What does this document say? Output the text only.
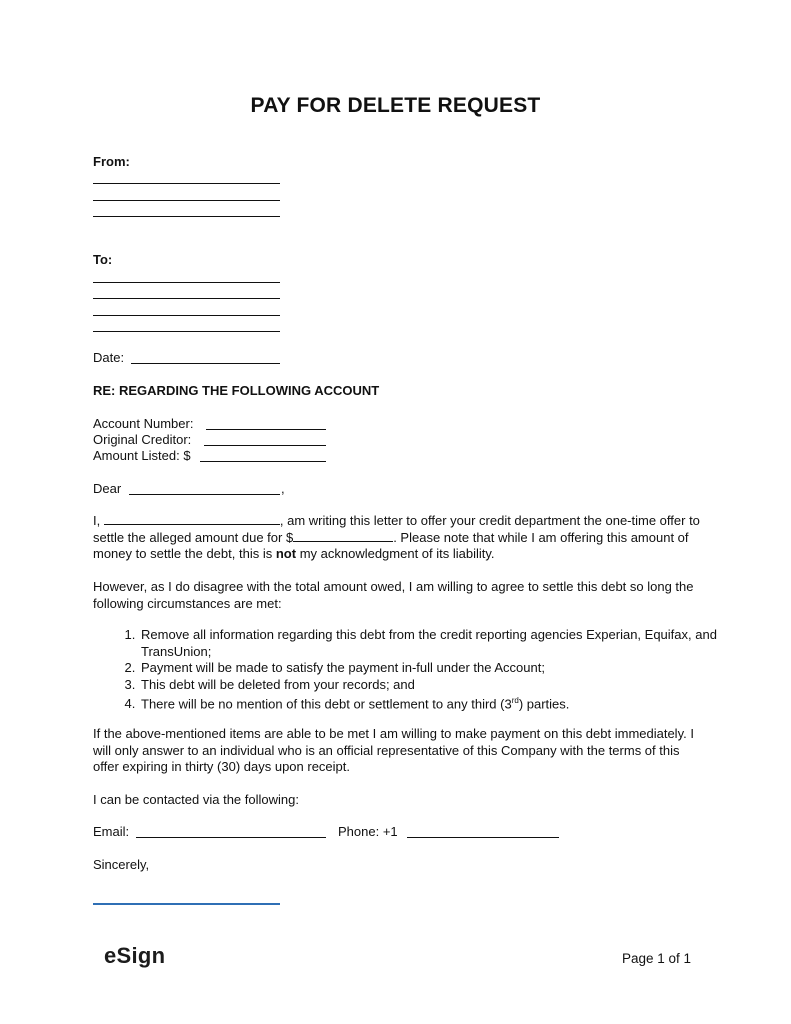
PAY FOR DELETE REQUEST
From:
To:
Date:
RE: REGARDING THE FOLLOWING ACCOUNT
Account Number:
Original Creditor:
Amount Listed: $
Dear	,
I,	, am writing this letter to offer your credit department the one-time offer to settle the alleged amount due for $	. Please note that while I am offering this amount of money to settle the debt, this is not my acknowledgment of its liability.
However, as I do disagree with the total amount owed, I am willing to agree to settle this debt so long the following circumstances are met:
1. Remove all information regarding this debt from the credit reporting agencies Experian, Equifax, and TransUnion;
2. Payment will be made to satisfy the payment in-full under the Account;
3. This debt will be deleted from your records; and
4. There will be no mention of this debt or settlement to any third (3rd) parties.
If the above-mentioned items are able to be met I am willing to make payment on this debt immediately. I will only answer to an individual who is an official representative of this Company with the terms of this offer expiring in thirty (30) days upon receipt.
I can be contacted via the following:
Email:	Phone: +1
Sincerely,
eSign	Page 1 of 1
